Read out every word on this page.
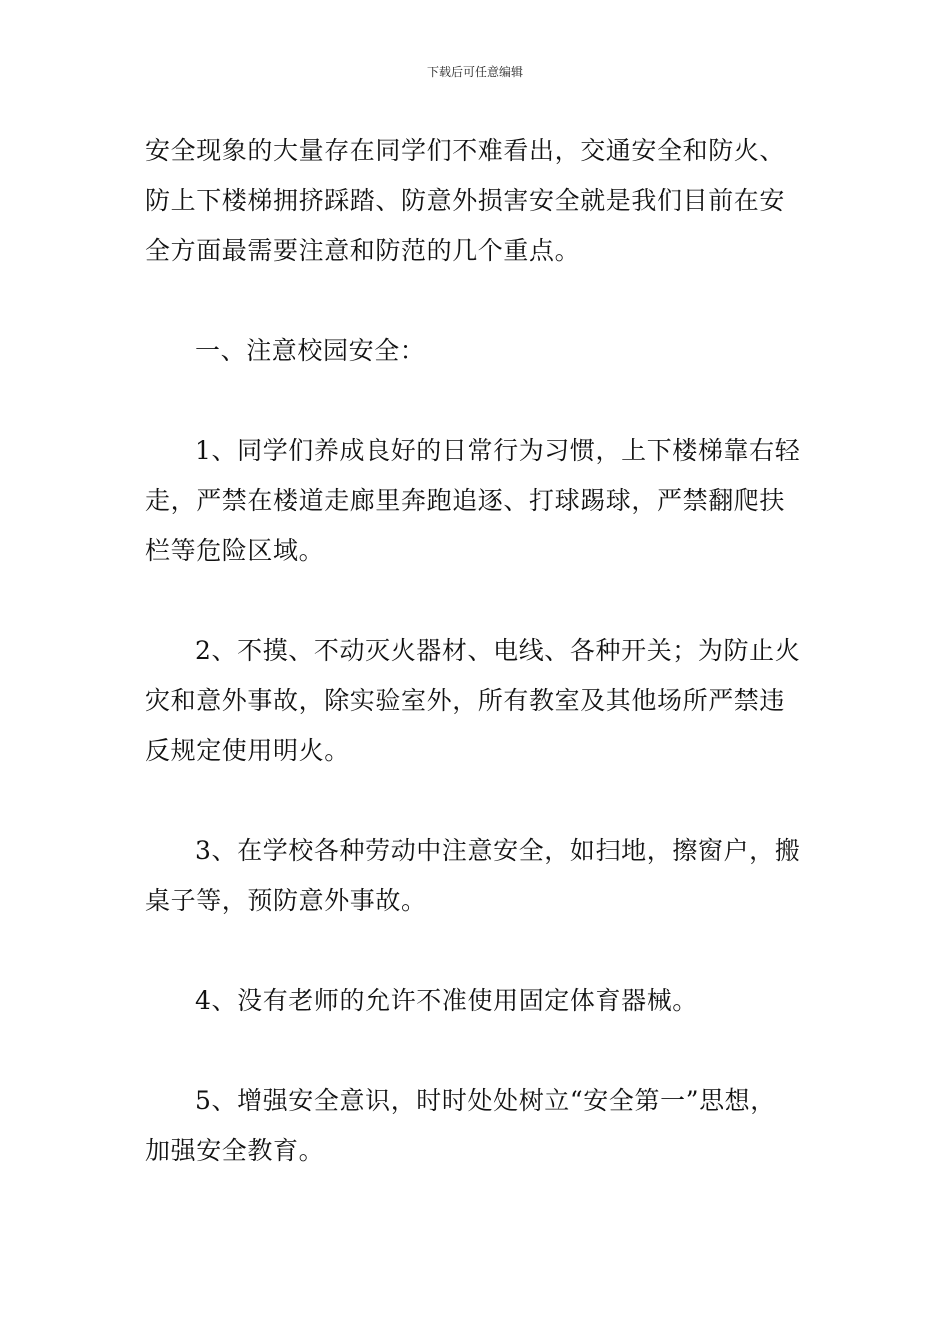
下载后可任意编辑

安全现象的大量存在同学们不难看出，交通安全和防火、
防上下楼梯拥挤踩踏、防意外损害安全就是我们目前在安
全方面最需要注意和防范的几个重点。

一、注意校园安全：

1、同学们养成良好的日常行为习惯，上下楼梯靠右轻
走，严禁在楼道走廊里奔跑追逐、打球踢球，严禁翻爬扶
栏等危险区域。

2、不摸、不动灭火器材、电线、各种开关；为防止火
灾和意外事故，除实验室外，所有教室及其他场所严禁违
反规定使用明火。

3、在学校各种劳动中注意安全，如扫地，擦窗户，搬
桌子等，预防意外事故。

4、没有老师的允许不准使用固定体育器械。

5、增强安全意识，时时处处树立“安全第一”思想，
加强安全教育。
